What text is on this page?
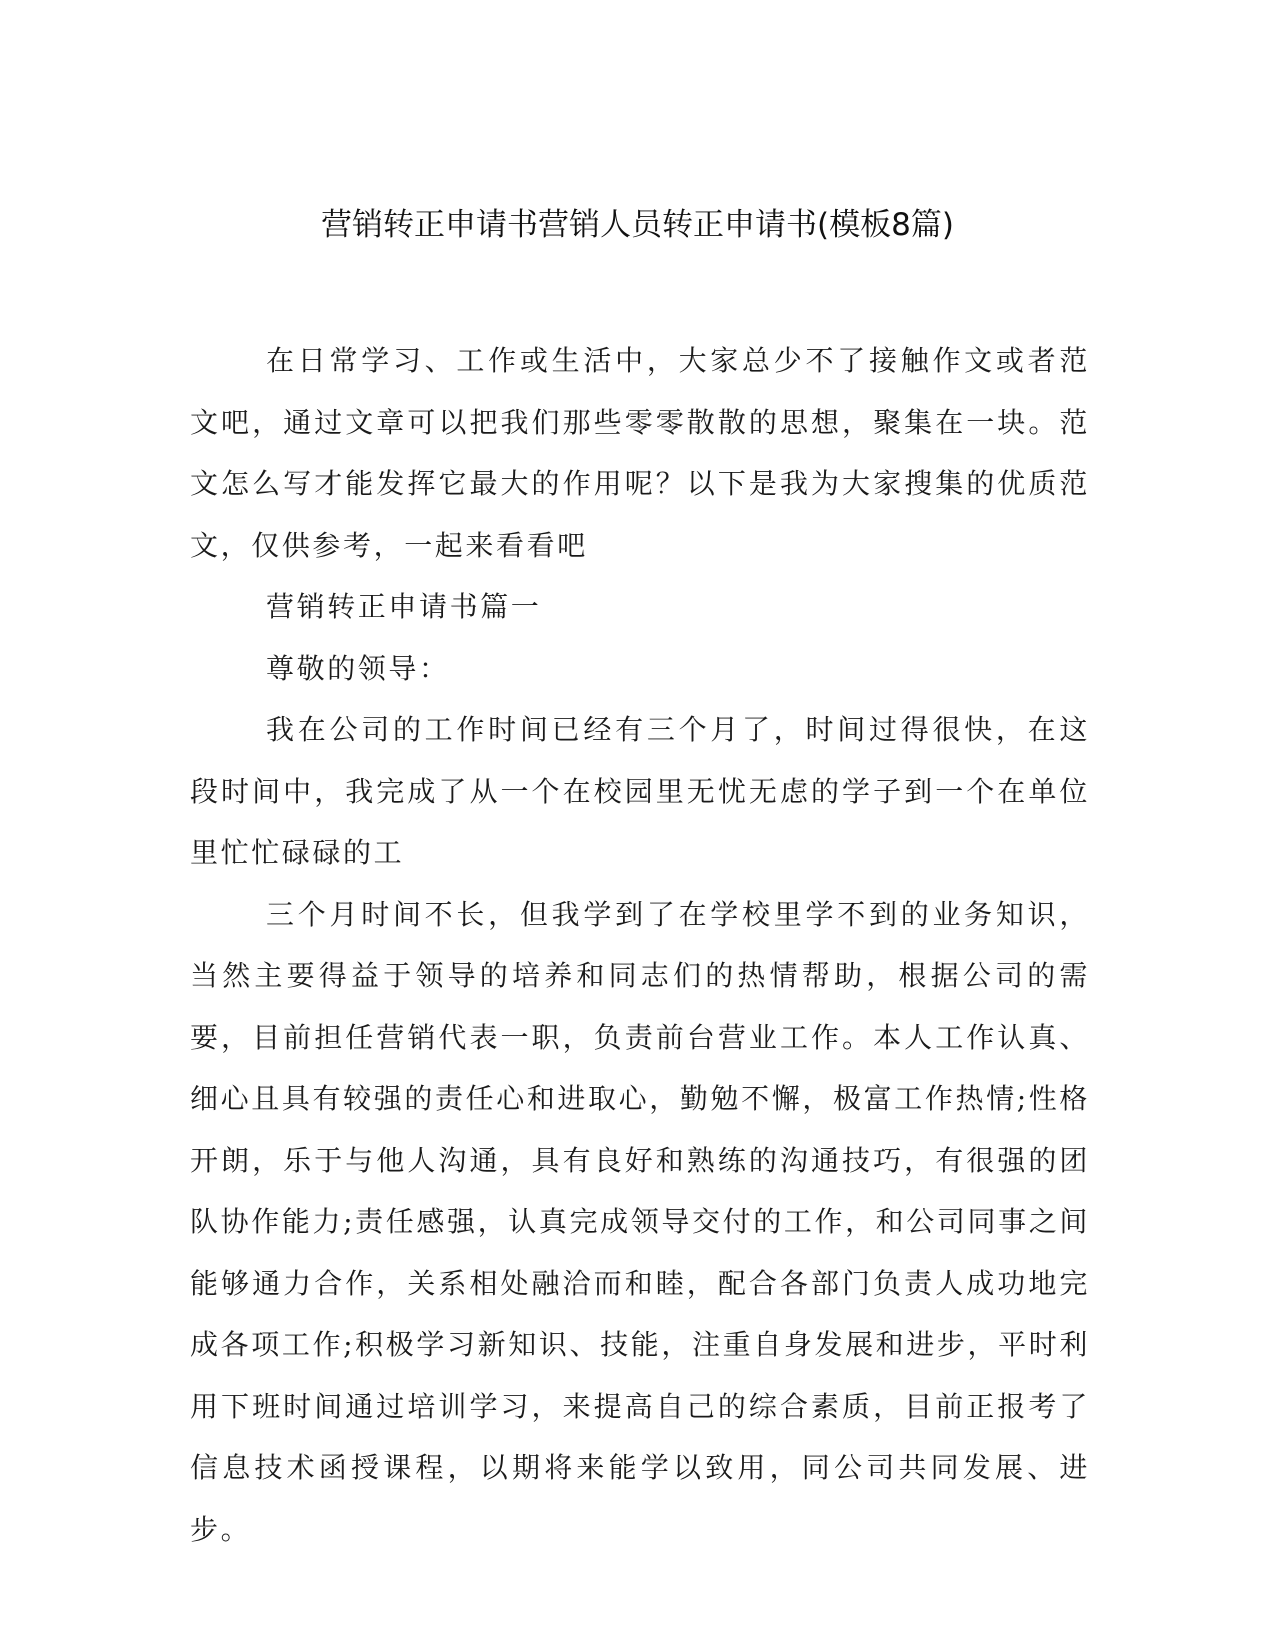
营销转正申请书营销人员转正申请书(模板8篇)

在日常学习、工作或生活中，大家总少不了接触作文或者范文吧，通过文章可以把我们那些零零散散的思想，聚集在一块。范文怎么写才能发挥它最大的作用呢？以下是我为大家搜集的优质范文，仅供参考，一起来看看吧

营销转正申请书篇一

尊敬的领导：

我在公司的工作时间已经有三个月了，时间过得很快，在这段时间中，我完成了从一个在校园里无忧无虑的学子到一个在单位里忙忙碌碌的工

三个月时间不长，但我学到了在学校里学不到的业务知识，当然主要得益于领导的培养和同志们的热情帮助，根据公司的需要，目前担任营销代表一职，负责前台营业工作。本人工作认真、细心且具有较强的责任心和进取心，勤勉不懈，极富工作热情;性格开朗，乐于与他人沟通，具有良好和熟练的沟通技巧，有很强的团队协作能力;责任感强，认真完成领导交付的工作，和公司同事之间能够通力合作，关系相处融洽而和睦，配合各部门负责人成功地完成各项工作;积极学习新知识、技能，注重自身发展和进步，平时利用下班时间通过培训学习，来提高自己的综合素质，目前正报考了信息技术函授课程，以期将来能学以致用，同公司共同发展、进步。
